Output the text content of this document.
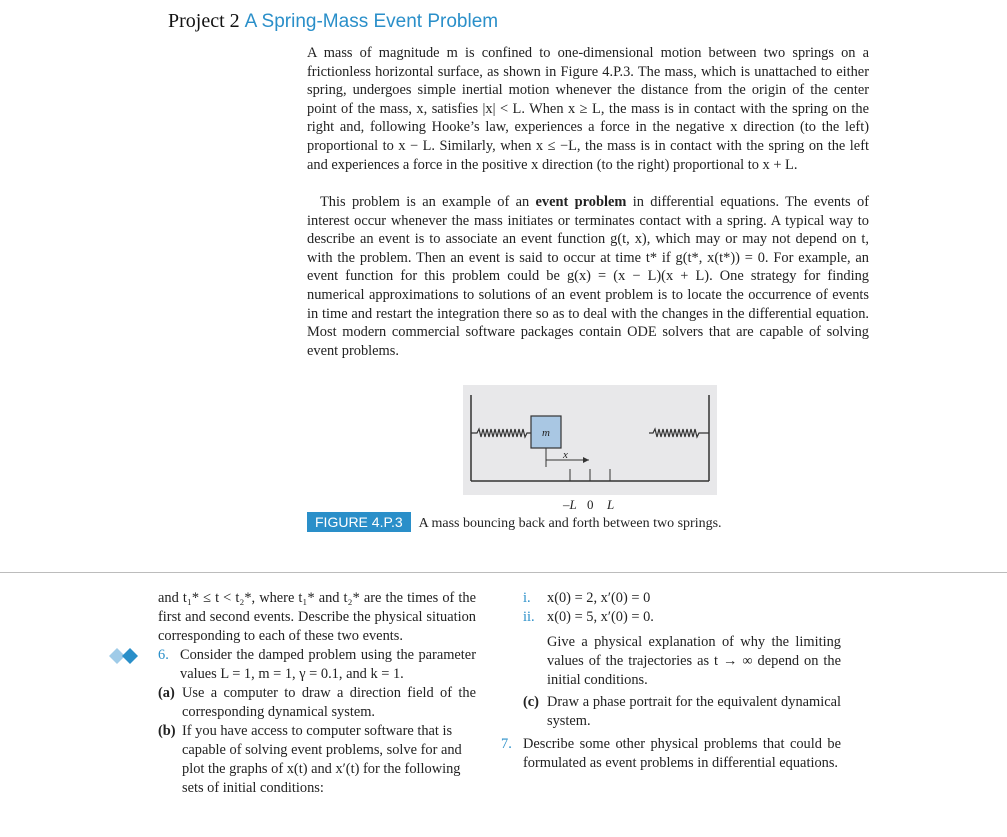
Project 2 A Spring-Mass Event Problem

A mass of magnitude m is confined to one-dimensional motion between two springs on a frictionless horizontal surface, as shown in Figure 4.P.3. The mass, which is unattached to either spring, undergoes simple inertial motion whenever the distance from the origin of the center point of the mass, x, satisfies |x| < L. When x ≥ L, the mass is in contact with the spring on the right and, following Hooke’s law, experiences a force in the negative x direction (to the left) proportional to x − L. Similarly, when x ≤ −L, the mass is in contact with the spring on the left and experiences a force in the positive x direction (to the right) proportional to x + L.

This problem is an example of an event problem in differential equations. The events of interest occur whenever the mass initiates or terminates contact with a spring. A typical way to describe an event is to associate an event function g(t, x), which may or may not depend on t, with the problem. Then an event is said to occur at time t* if g(t*, x(t*)) = 0. For example, an event function for this problem could be g(x) = (x − L)(x + L). One strategy for finding numerical approximations to solutions of an event problem is to locate the occurrence of events in time and restart the integration there so as to deal with the changes in the differential equation. Most modern commercial software packages contain ODE solvers that are capable of solving event problems.

m
x
–L 0 L
FIGURE 4.P.3 A mass bouncing back and forth between two springs.

and t₁* ≤ t < t₂*, where t₁* and t₂* are the times of the first and second events. Describe the physical situation corresponding to each of these two events.

6. Consider the damped problem using the parameter values L = 1, m = 1, γ = 0.1, and k = 1.

(a) Use a computer to draw a direction field of the corresponding dynamical system.

(b) If you have access to computer software that is capable of solving event problems, solve for and plot the graphs of x(t) and x′(t) for the following sets of initial conditions:

i. x(0) = 2, x′(0) = 0
ii. x(0) = 5, x′(0) = 0.

Give a physical explanation of why the limiting values of the trajectories as t → ∞ depend on the initial conditions.

(c) Draw a phase portrait for the equivalent dynamical system.

7. Describe some other physical problems that could be formulated as event problems in differential equations.
